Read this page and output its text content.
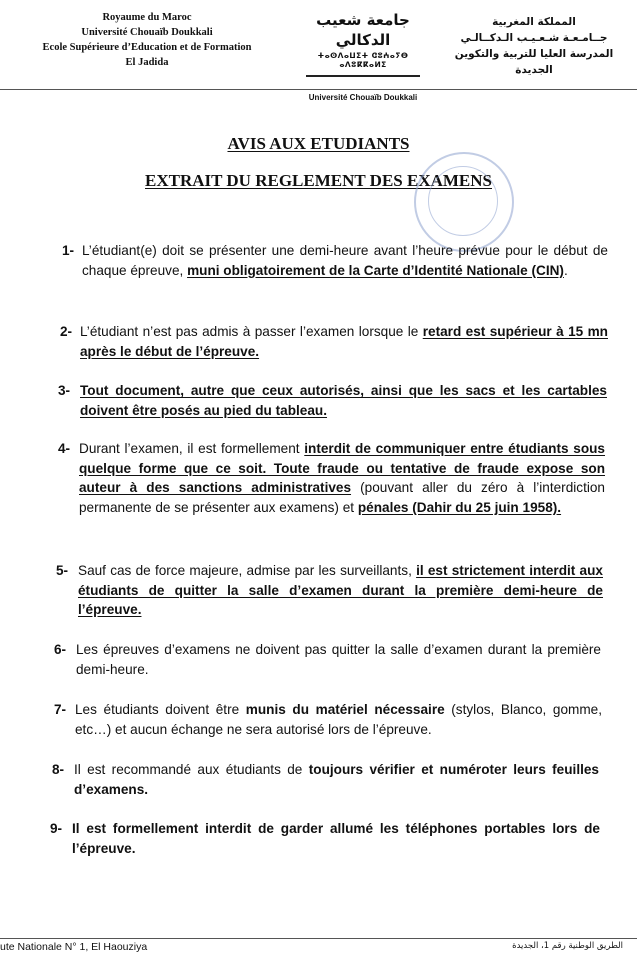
Royaume du Maroc
Université Chouaïb Doukkali
Ecole Supérieure d’Education et de Formation
El Jadida
جامعة شعيب الدكالي
ⵜⴰⵙⴷⴰⵡⵉⵜ ⵛⵓⵄⴰⵢⴱ ⴰⴷⵓⴽⴽⴰⵍⵉ
Université Chouaïb Doukkali
المملكة المغربية
جــامـعـة شـعـيـب الـدكــالـي
المدرسة العليا للتربية والتكوين
الجديدة
AVIS AUX ETUDIANTS
EXTRAIT DU REGLEMENT DES EXAMENS
1- L’étudiant(e) doit se présenter une demi-heure avant l’heure prévue pour le début de chaque épreuve, muni obligatoirement de la Carte d’Identité Nationale (CIN).
2- L’étudiant n’est pas admis à passer l’examen lorsque le retard est supérieur à 15 mn après le début de l’épreuve.
3- Tout document, autre que ceux autorisés, ainsi que les sacs et les cartables doivent être posés au pied du tableau.
4- Durant l’examen, il est formellement interdit de communiquer entre étudiants sous quelque forme que ce soit. Toute fraude ou tentative de fraude expose son auteur à des sanctions administratives (pouvant aller du zéro à l’interdiction permanente de se présenter aux examens) et pénales (Dahir du 25 juin 1958).
5- Sauf cas de force majeure, admise par les surveillants, il est strictement interdit aux étudiants de quitter la salle d’examen durant la première demi-heure de l’épreuve.
6- Les épreuves d’examens ne doivent pas quitter la salle d’examen durant la première demi-heure.
7- Les étudiants doivent être munis du matériel nécessaire (stylos, Blanco, gomme, etc…) et aucun échange ne sera autorisé lors de l’épreuve.
8- Il est recommandé aux étudiants de toujours vérifier et numéroter leurs feuilles d’examens.
9- Il est formellement interdit de garder allumé les téléphones portables lors de l’épreuve.
ute Nationale N° 1, El Haouziya	الطريق الوطنية رقم 1، الجديدة
